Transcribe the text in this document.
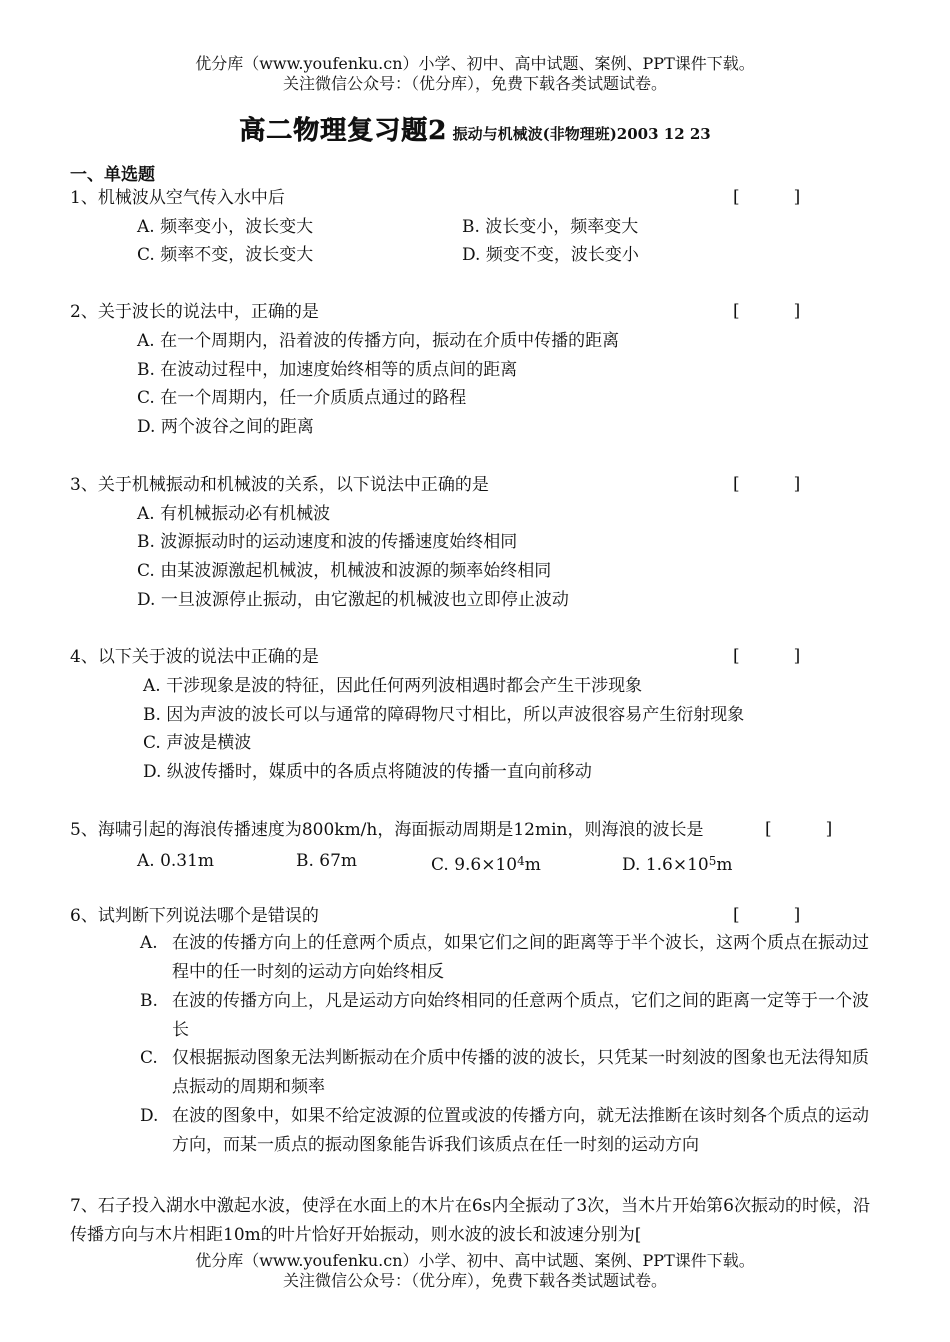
优分库（www.youfenku.cn）小学、初中、高中试题、案例、PPT课件下载。
关注微信公众号：（优分库），免费下载各类试题试卷。
高二物理复习题2 振动与机械波(非物理班)2003 12 23
一、单选题
1、机械波从空气传入水中后	[          ]
A. 频率变小，波长变大	B. 波长变小，频率变大
C. 频率不变，波长变大	D. 频变不变，波长变小
2、关于波长的说法中，正确的是	[          ]
A. 在一个周期内，沿着波的传播方向，振动在介质中传播的距离
B. 在波动过程中，加速度始终相等的质点间的距离
C. 在一个周期内，任一介质质点通过的路程
D. 两个波谷之间的距离
3、关于机械振动和机械波的关系，以下说法中正确的是	[          ]
A. 有机械振动必有机械波
B. 波源振动时的运动速度和波的传播速度始终相同
C. 由某波源激起机械波，机械波和波源的频率始终相同
D. 一旦波源停止振动，由它激起的机械波也立即停止波动
4、以下关于波的说法中正确的是	[          ]
A. 干涉现象是波的特征，因此任何两列波相遇时都会产生干涉现象
B. 因为声波的波长可以与通常的障碍物尺寸相比，所以声波很容易产生衍射现象
C. 声波是横波
D. 纵波传播时，媒质中的各质点将随波的传播一直向前移动
5、海啸引起的海浪传播速度为800km/h，海面振动周期是12min，则海浪的波长是	[          ]
A. 0.31m	B. 67m	C. $9.6\times 10^4m$	D. $1.6\times 10^5m$
6、试判断下列说法哪个是错误的	[          ]
A. 在波的传播方向上的任意两个质点，如果它们之间的距离等于半个波长，这两个质点在振动过程中的任一时刻的运动方向始终相反
B. 在波的传播方向上，凡是运动方向始终相同的任意两个质点，它们之间的距离一定等于一个波长
C. 仅根据振动图象无法判断振动在介质中传播的波的波长，只凭某一时刻波的图象也无法得知质点振动的周期和频率
D. 在波的图象中，如果不给定波源的位置或波的传播方向，就无法推断在该时刻各个质点的运动方向，而某一质点的振动图象能告诉我们该质点在任一时刻的运动方向
7、石子投入湖水中激起水波，使浮在水面上的木片在6s内全振动了3次，当木片开始第6次振动的时候，沿传播方向与木片相距10m的叶片恰好开始振动，则水波的波长和波速分别为[
优分库（www.youfenku.cn）小学、初中、高中试题、案例、PPT课件下载。
关注微信公众号：（优分库），免费下载各类试题试卷。
